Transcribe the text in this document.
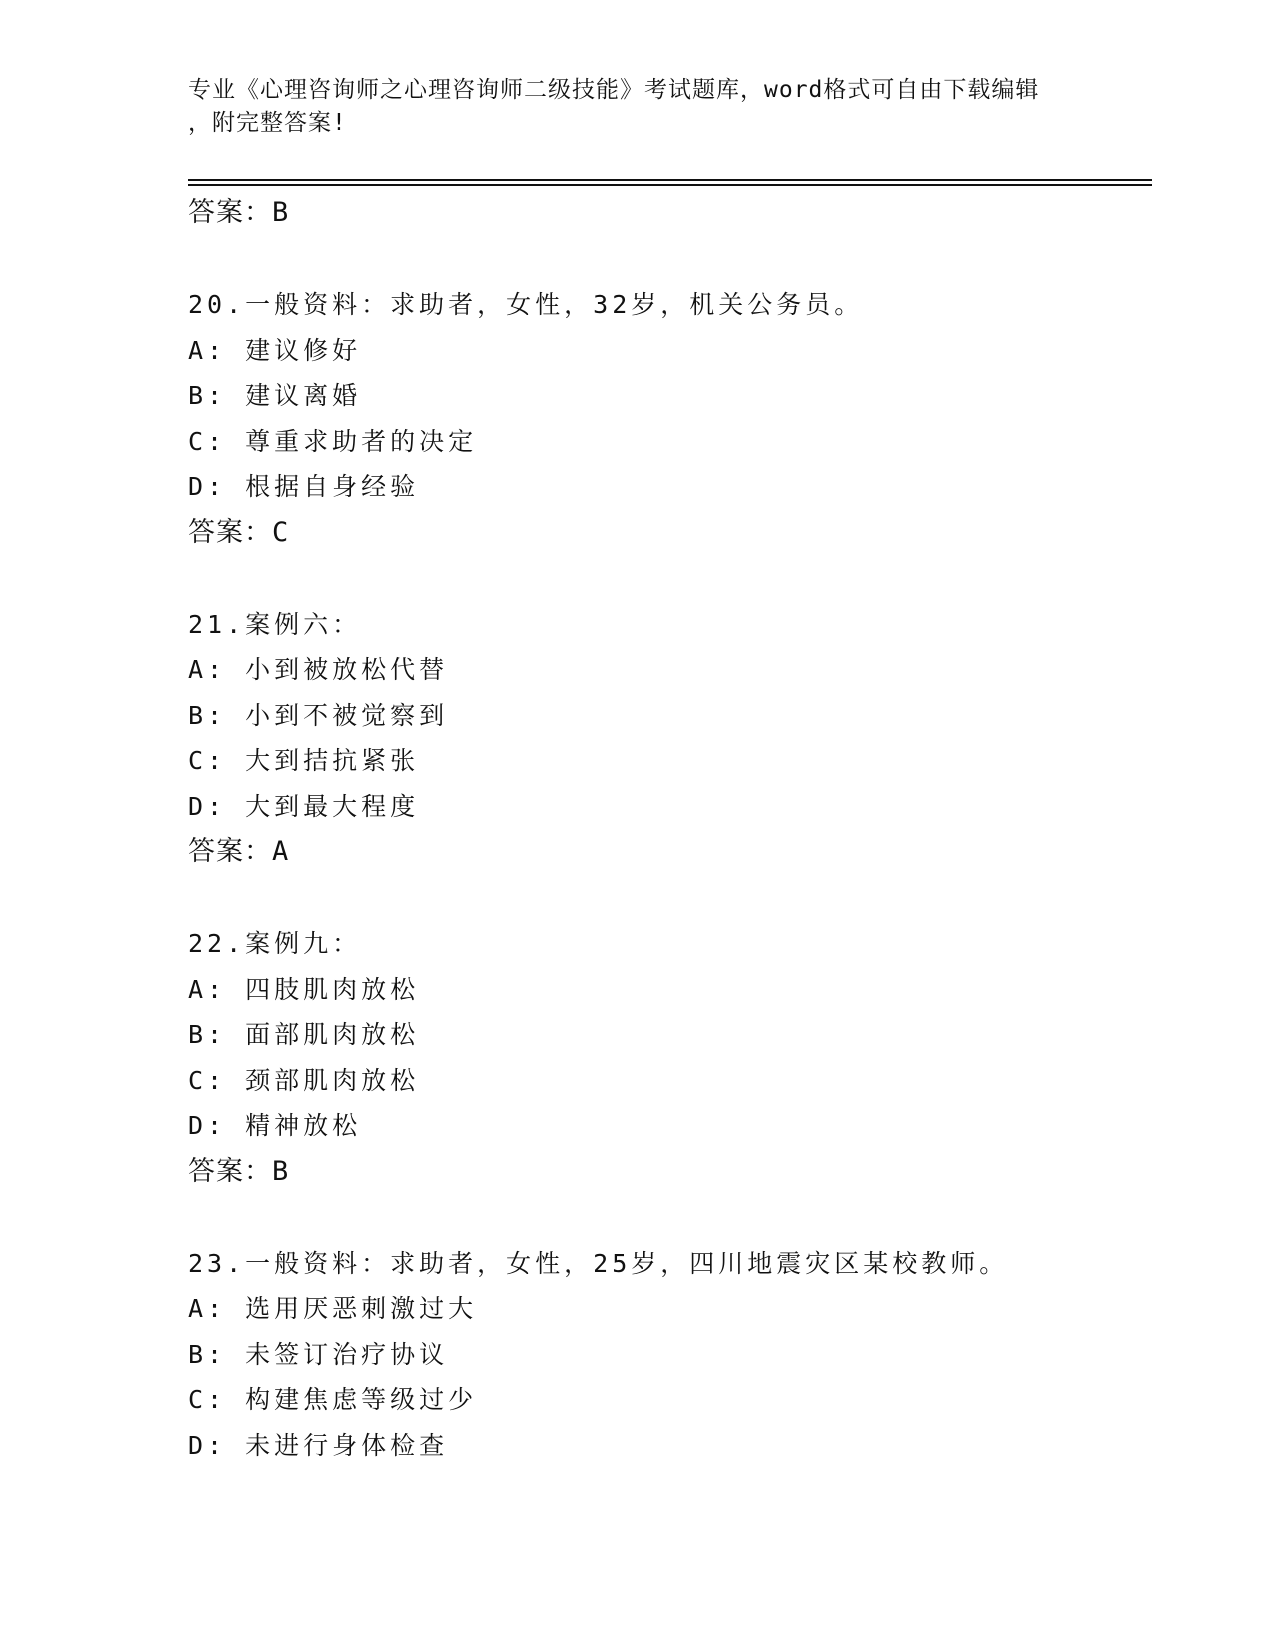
专业《心理咨询师之心理咨询师二级技能》考试题库，word格式可自由下载编辑
，附完整答案!
答案：B
20.一般资料：求助者，女性，32岁，机关公务员。
A: 建议修好
B: 建议离婚
C: 尊重求助者的决定
D: 根据自身经验
答案：C
21.案例六：
A: 小到被放松代替
B: 小到不被觉察到
C: 大到拮抗紧张
D: 大到最大程度
答案：A
22.案例九：
A: 四肢肌肉放松
B: 面部肌肉放松
C: 颈部肌肉放松
D: 精神放松
答案：B
23.一般资料：求助者，女性，25岁，四川地震灾区某校教师。
A: 选用厌恶刺激过大
B: 未签订治疗协议
C: 构建焦虑等级过少
D: 未进行身体检查
